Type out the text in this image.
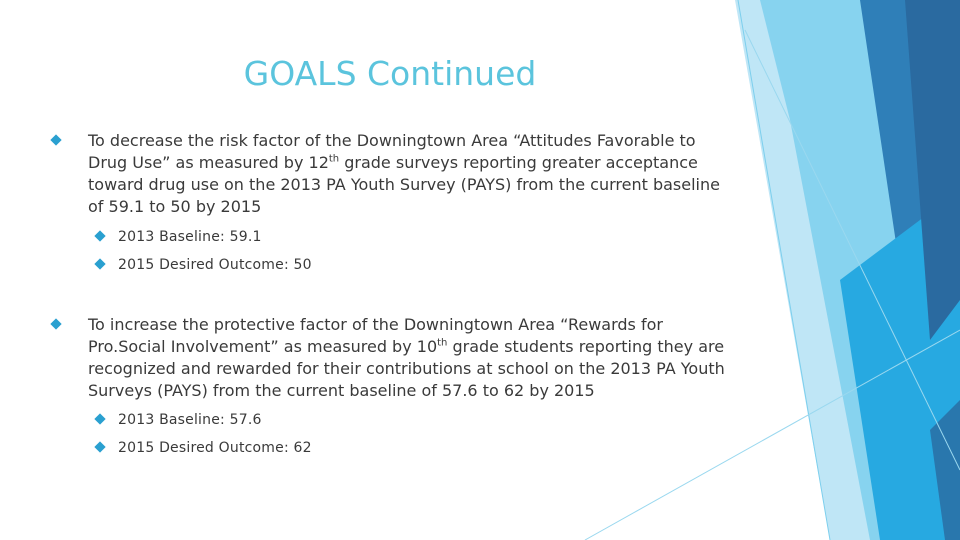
GOALS Continued
To decrease the risk factor of the Downingtown Area “Attitudes Favorable to Drug Use” as measured by 12th grade surveys reporting greater acceptance toward drug use on the 2013 PA Youth Survey (PAYS) from the current baseline of 59.1 to 50 by 2015
2013 Baseline: 59.1
2015 Desired Outcome: 50
To increase the protective factor of the Downingtown Area “Rewards for Pro.Social Involvement” as measured by 10th grade students reporting they are recognized and rewarded for their contributions at school on the 2013 PA Youth Surveys (PAYS) from the current baseline of 57.6 to 62 by 2015
2013 Baseline: 57.6
2015 Desired Outcome: 62
